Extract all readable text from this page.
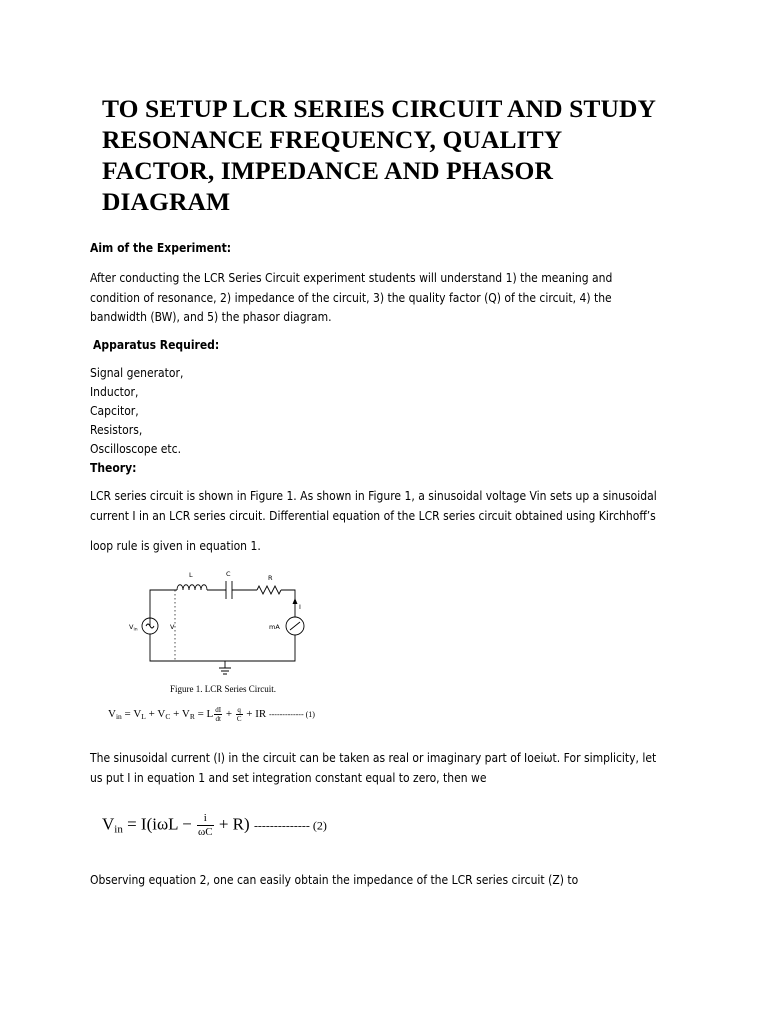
TO SETUP LCR SERIES CIRCUIT AND STUDY
RESONANCE FREQUENCY, QUALITY
FACTOR, IMPEDANCE AND PHASOR
DIAGRAM
Aim of the Experiment:
After conducting the LCR Series Circuit experiment students will understand 1) the meaning and
condition of resonance, 2) impedance of the circuit, 3) the quality factor (Q) of the circuit, 4) the
bandwidth (BW), and 5) the phasor diagram.
Apparatus Required:
Signal generator,
Inductor,
Capcitor,
Resistors,
Oscilloscope etc.
Theory:
LCR series circuit is shown in Figure 1. As shown in Figure 1, a sinusoidal voltage Vin sets up a sinusoidal
current I in an LCR series circuit. Differential equation of the LCR series circuit obtained using Kirchhoff’s
loop rule is given in equation 1.
L	C	R
I
$V_{in}$	V	mA
Figure 1. LCR Series Circuit.
$V_{in} = V_L + V_C + V_R = L \frac{dI}{dt} + \frac{q}{C}$ + IR ------------- (1)
The sinusoidal current (I) in the circuit can be taken as real or imaginary part of Ioeiωt. For simplicity, let
us put I in equation 1 and set integration constant equal to zero, then we
$V_{in} = I(i\omega L - \frac{i}{\omega C} + R)$ -------------- (2)
Observing equation 2, one can easily obtain the impedance of the LCR series circuit (Z) to
